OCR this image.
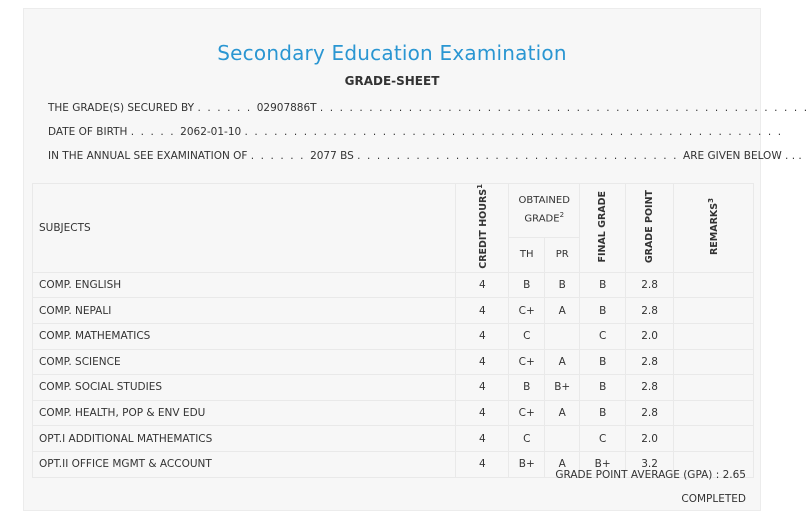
Secondary Education Examination
GRADE-SHEET
THE GRADE(S) SECURED BY . . . . . . 02907886T . . . . . . . . . . . . . . . . . . . . . . . . . . . . . . . . . . . . . . . . . . . . . . . . . .
DATE OF BIRTH . . . . . 2062-01-10 . . . . . . . . . . . . . . . . . . . . . . . . . . . . . . . . . . . . . . . . . . . . . . . . . . . . . . .
IN THE ANNUAL SEE EXAMINATION OF . . . . . . 2077 BS . . . . . . . . . . . . . . . . . . . . . . . . . . . . . . . . . ARE GIVEN BELOW . . .
SUBJECTS	CREDIT HOURS$^1$	OBTAINED GRADE$^2$		FINAL GRADE	GRADE POINT	REMARKS$^3$
		TH	PR			
COMP. ENGLISH	4	B	B	B	2.8	
COMP. NEPALI	4	C+	A	B	2.8	
COMP. MATHEMATICS	4	C		C	2.0	
COMP. SCIENCE	4	C+	A	B	2.8	
COMP. SOCIAL STUDIES	4	B	B+	B	2.8	
COMP. HEALTH, POP & ENV EDU	4	C+	A	B	2.8	
OPT.I ADDITIONAL MATHEMATICS	4	C		C	2.0	
OPT.II OFFICE MGMT & ACCOUNT	4	B+	A	B+	3.2	
GRADE POINT AVERAGE (GPA) : 2.65
COMPLETED
